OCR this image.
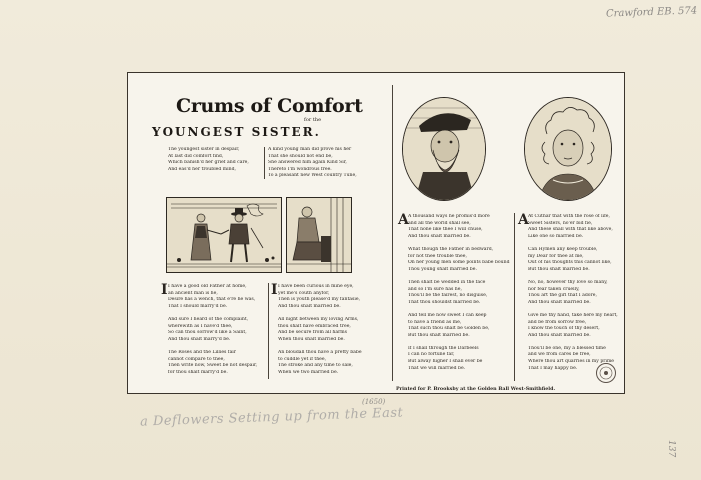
Crawford EB. 574
137
(1650)
a Deflowers Setting up from the East
Crums of Comfort
for the
YOUNGEST SISTER.
The youngest sister in despair,
At last did comfort find,
Which banish'd her grief and care,
And eas'd her troubled mind,
A kind young man did prove his her
That she should not end be,
She answered him again Kind Sir,
Thereto I'm wondrous free.
To a pleasant new West country Tune,
I I have a good old Father at home,
an ancient man is he,
Desire has a wench, that e're he was,
That I should marry'd be.

And sure I heard of the complaint,
wherewith as I have'd thee,
So can thou sorrow'd like a Saint,
And thou shalt marry'd be.

The Roses and the Lillies fair
cannot compare to thee,
Then write now, Sweet be not despair,
for thou shalt marry'd be.
I I have been curious in mine eye,
yet me's couth anyfor,
Then is youth please'd my fantasie,
And thou shalt married be.

All night between my loving Arms,
thou shalt have embraced tree,
And be secure from all harms
When thou shalt married be.

An bloudall thou have a pretty babe
to cuddle yet if thee,
The stroke and any time to sale,
When we two married be.
A A thousand ways he promis'd more
and all the world shall see,
That none like thee I will chuse,
And thou shalt married be.

What though the Father in bedward,
for not thee trouble thee,
On her young men some points babe bound
Thou young shalt married be.

Then shalt be wedded in the face
and so I'm sure has he,
Thou'll be the fairest, no disguise,
That thou shouldst married be.

And tell me now sweet I can keep
to have a friend as me,
That such thou shalt be Golden be,
But thou shalt married be.

If I shall through the Darbeels
I can no fortune far,
But alway higher I shall ever be
That we will married be.
A At Cuthar that with the rose of life,
Sweet Sisters, no'er bid fie,
And these shall with that like above,
Like one so married be.

Can Hymen any keep trouble,
my Dear for thee at me,
Out of his thoughts this cannot like,
But thou shalt married be.

No, no, however thy love so many,
nor fear taken cruelly,
Thou art the girl that I adore,
And thou shalt married be.

Give me thy hand, take here my heart,
and be from sorrow free,
I know the touch of thy desert,
And thou shalt married be.

Thou'll be one, my a blessed time
and we from cares be free,
Where thou art quarries in my prime
That I may happy be.
Printed for P. Brooksby at the Golden Ball West-Smithfield.
